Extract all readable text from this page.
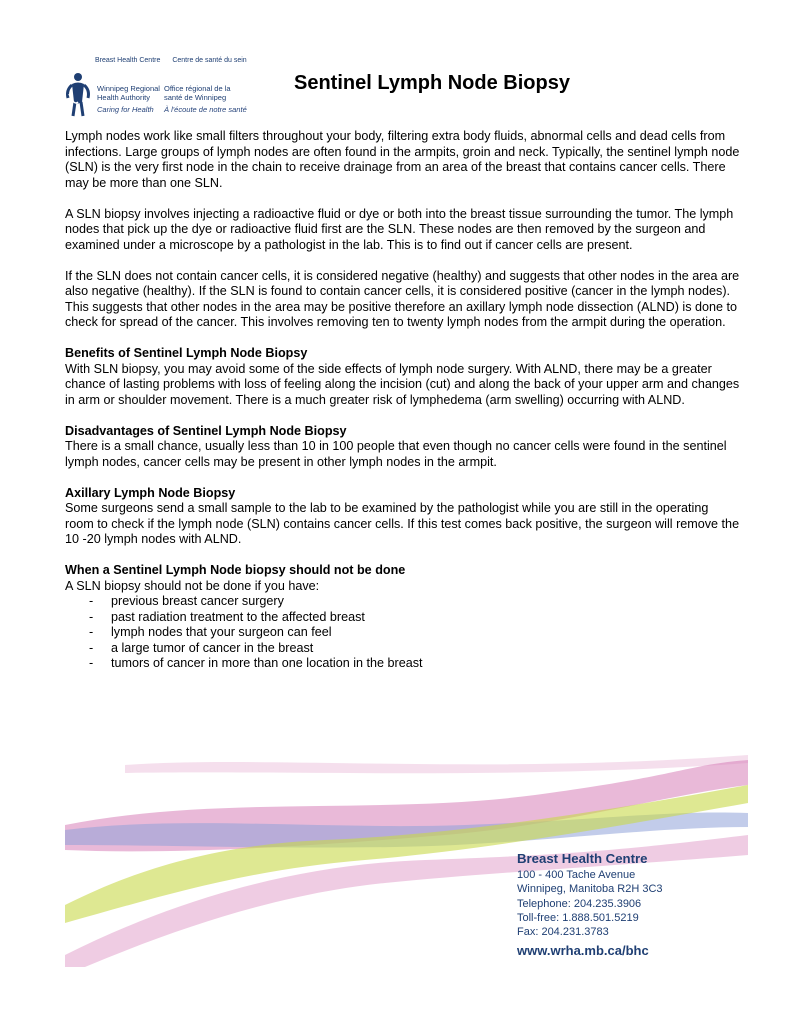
Breast Health Centre Centre de santé du sein
Winnipeg Regional
Health Authority
Caring for Health
Office régional de la
santé de Winnipeg
À l'écoute de notre santé
Sentinel Lymph Node Biopsy

Lymph nodes work like small filters throughout your body, filtering extra body fluids, abnormal cells and dead cells from infections. Large groups of lymph nodes are often found in the armpits, groin and neck. Typically, the sentinel lymph node (SLN) is the very first node in the chain to receive drainage from an area of the breast that contains cancer cells. There may be more than one SLN.

A SLN biopsy involves injecting a radioactive fluid or dye or both into the breast tissue surrounding the tumor. The lymph nodes that pick up the dye or radioactive fluid first are the SLN. These nodes are then removed by the surgeon and examined under a microscope by a pathologist in the lab. This is to find out if cancer cells are present.

If the SLN does not contain cancer cells, it is considered negative (healthy) and suggests that other nodes in the area are also negative (healthy). If the SLN is found to contain cancer cells, it is considered positive (cancer in the lymph nodes). This suggests that other nodes in the area may be positive therefore an axillary lymph node dissection (ALND) is done to check for spread of the cancer. This involves removing ten to twenty lymph nodes from the armpit during the operation.

Benefits of Sentinel Lymph Node Biopsy

With SLN biopsy, you may avoid some of the side effects of lymph node surgery. With ALND, there may be a greater chance of lasting problems with loss of feeling along the incision (cut) and along the back of your upper arm and changes in arm or shoulder movement. There is a much greater risk of lymphedema (arm swelling) occurring with ALND.

Disadvantages of Sentinel Lymph Node Biopsy

There is a small chance, usually less than 10 in 100 people that even though no cancer cells were found in the sentinel lymph nodes, cancer cells may be present in other lymph nodes in the armpit.

Axillary Lymph Node Biopsy

Some surgeons send a small sample to the lab to be examined by the pathologist while you are still in the operating room to check if the lymph node (SLN) contains cancer cells. If this test comes back positive, the surgeon will remove the 10 -20 lymph nodes with ALND.

When a Sentinel Lymph Node biopsy should not be done
A SLN biopsy should not be done if you have:
- previous breast cancer surgery
- past radiation treatment to the affected breast
- lymph nodes that your surgeon can feel
- a large tumor of cancer in the breast
- tumors of cancer in more than one location in the breast
Breast Health Centre
100 - 400 Tache Avenue
Winnipeg, Manitoba R2H 3C3
Telephone: 204.235.3906
Toll-free: 1.888.501.5219
Fax: 204.231.3783
www.wrha.mb.ca/bhc
